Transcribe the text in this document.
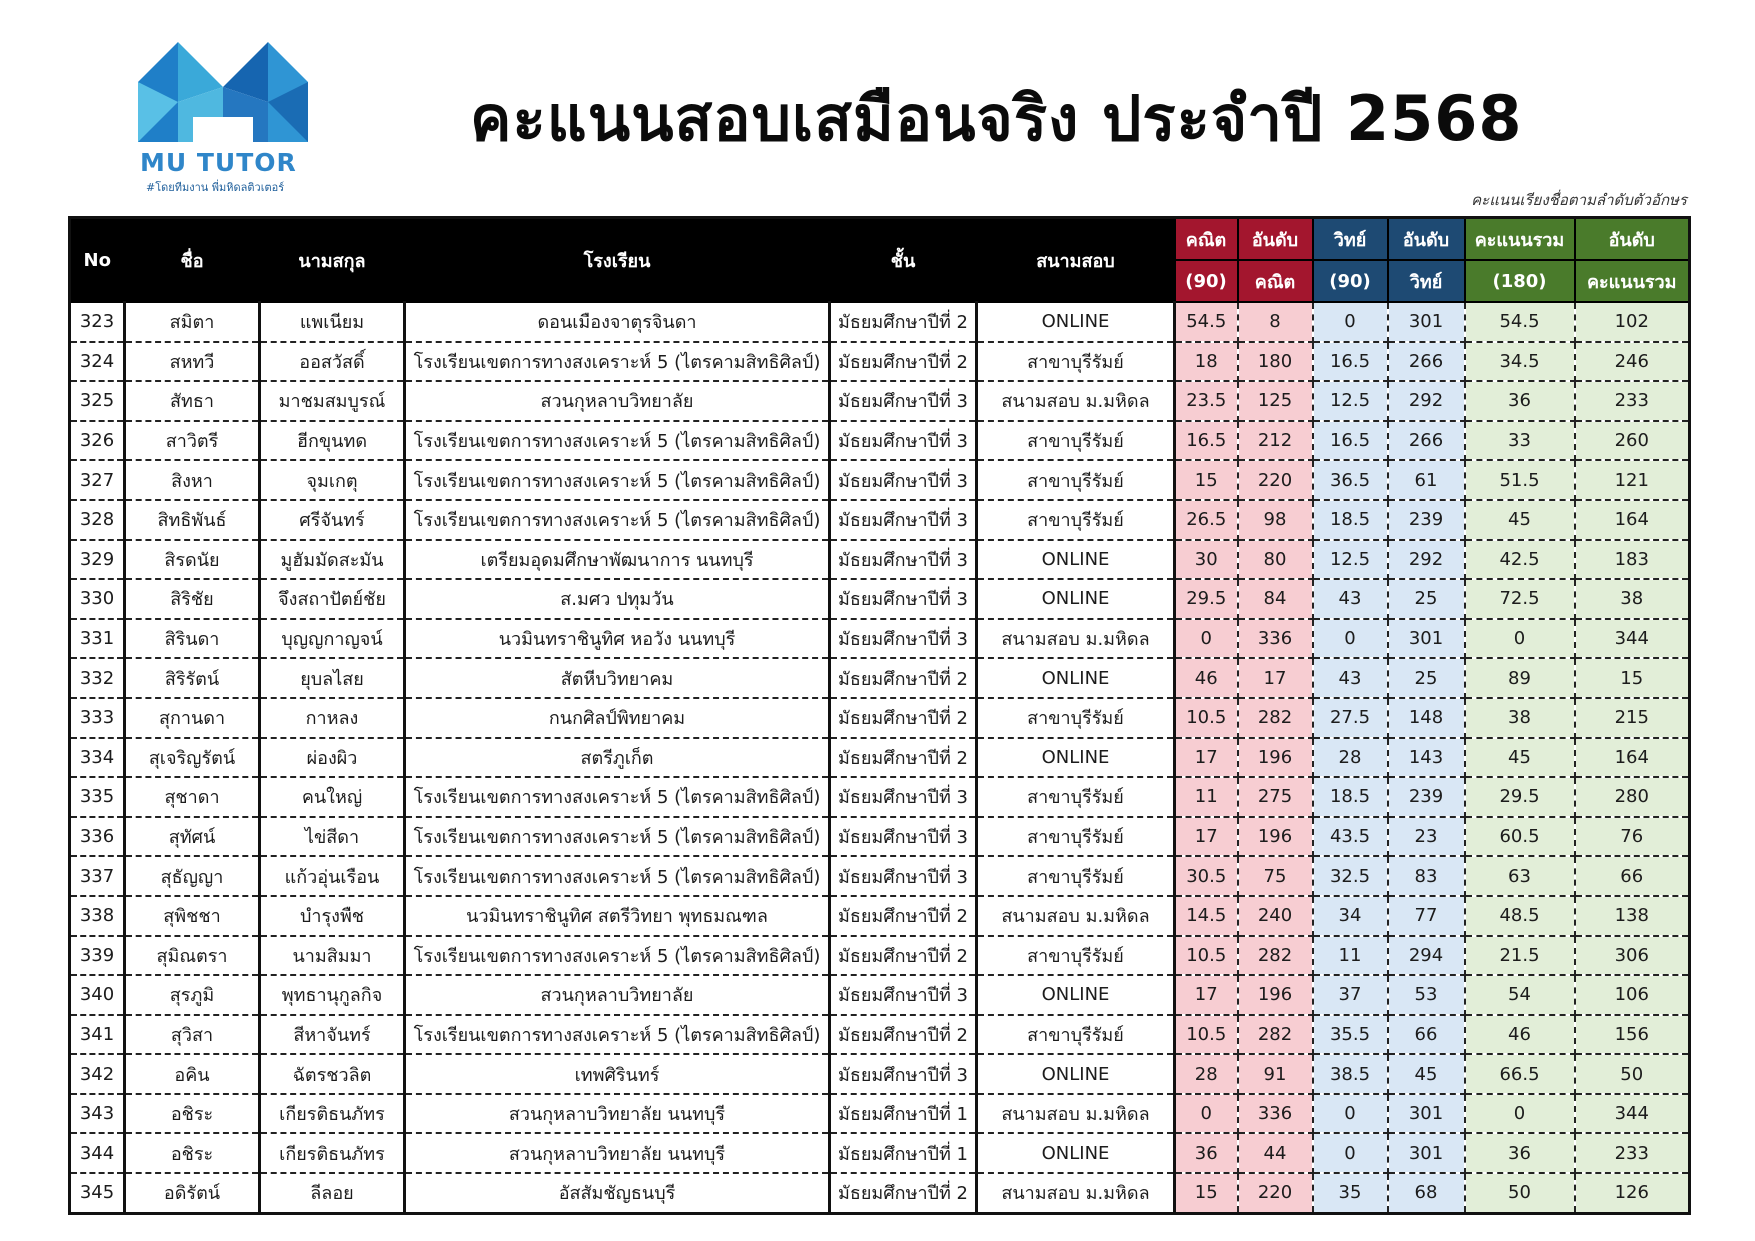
MU TUTOR
#โดยทีมงาน พี่มหิดลติวเตอร์
คะแนนสอบเสมือนจริง ประจำปี 2568
คะแนนเรียงชื่อตามลำดับตัวอักษร
No	ชื่อ	นามสกุล	โรงเรียน	ชั้น	สนามสอบ	คณิต	อันดับ	วิทย์	อันดับ	คะแนนรวม	อันดับ
						(90)	คณิต	(90)	วิทย์	(180)	คะแนนรวม
323	สมิตา	แพเนียม	ดอนเมืองจาตุรจินดา	มัธยมศึกษาปีที่ 2	ONLINE	54.5	8	0	301	54.5	102
324	สหทวี	ออสวัสดิ์	โรงเรียนเขตการทางสงเคราะห์ 5 (ไตรคามสิทธิศิลป์)	มัธยมศึกษาปีที่ 2	สาขาบุรีรัมย์	18	180	16.5	266	34.5	246
325	สัทธา	มาชมสมบูรณ์	สวนกุหลาบวิทยาลัย	มัธยมศึกษาปีที่ 3	สนามสอบ ม.มหิดล	23.5	125	12.5	292	36	233
326	สาวิตรี	ฮีกขุนทด	โรงเรียนเขตการทางสงเคราะห์ 5 (ไตรคามสิทธิศิลป์)	มัธยมศึกษาปีที่ 3	สาขาบุรีรัมย์	16.5	212	16.5	266	33	260
327	สิงหา	จุมเกตุ	โรงเรียนเขตการทางสงเคราะห์ 5 (ไตรคามสิทธิศิลป์)	มัธยมศึกษาปีที่ 3	สาขาบุรีรัมย์	15	220	36.5	61	51.5	121
328	สิทธิพันธ์	ศรีจันทร์	โรงเรียนเขตการทางสงเคราะห์ 5 (ไตรคามสิทธิศิลป์)	มัธยมศึกษาปีที่ 3	สาขาบุรีรัมย์	26.5	98	18.5	239	45	164
329	สิรดนัย	มูฮัมมัดสะมัน	เตรียมอุดมศึกษาพัฒนาการ นนทบุรี	มัธยมศึกษาปีที่ 3	ONLINE	30	80	12.5	292	42.5	183
330	สิริชัย	จึงสถาปัตย์ชัย	ส.มศว ปทุมวัน	มัธยมศึกษาปีที่ 3	ONLINE	29.5	84	43	25	72.5	38
331	สิรินดา	บุญญกาญจน์	นวมินทราชินูทิศ หอวัง นนทบุรี	มัธยมศึกษาปีที่ 3	สนามสอบ ม.มหิดล	0	336	0	301	0	344
332	สิริรัตน์	ยุบลไสย	สัตหีบวิทยาคม	มัธยมศึกษาปีที่ 2	ONLINE	46	17	43	25	89	15
333	สุกานดา	กาหลง	กนกศิลป์พิทยาคม	มัธยมศึกษาปีที่ 2	สาขาบุรีรัมย์	10.5	282	27.5	148	38	215
334	สุเจริญรัตน์	ผ่องผิว	สตรีภูเก็ต	มัธยมศึกษาปีที่ 2	ONLINE	17	196	28	143	45	164
335	สุชาดา	คนใหญ่	โรงเรียนเขตการทางสงเคราะห์ 5 (ไตรคามสิทธิศิลป์)	มัธยมศึกษาปีที่ 3	สาขาบุรีรัมย์	11	275	18.5	239	29.5	280
336	สุทัศน์	ไข่สีดา	โรงเรียนเขตการทางสงเคราะห์ 5 (ไตรคามสิทธิศิลป์)	มัธยมศึกษาปีที่ 3	สาขาบุรีรัมย์	17	196	43.5	23	60.5	76
337	สุธัญญา	แก้วอุ่นเรือน	โรงเรียนเขตการทางสงเคราะห์ 5 (ไตรคามสิทธิศิลป์)	มัธยมศึกษาปีที่ 3	สาขาบุรีรัมย์	30.5	75	32.5	83	63	66
338	สุพิชชา	บำรุงพืช	นวมินทราชินูทิศ สตรีวิทยา พุทธมณฑล	มัธยมศึกษาปีที่ 2	สนามสอบ ม.มหิดล	14.5	240	34	77	48.5	138
339	สุมิณตรา	นามสิมมา	โรงเรียนเขตการทางสงเคราะห์ 5 (ไตรคามสิทธิศิลป์)	มัธยมศึกษาปีที่ 2	สาขาบุรีรัมย์	10.5	282	11	294	21.5	306
340	สุรภูมิ	พุทธานุกูลกิจ	สวนกุหลาบวิทยาลัย	มัธยมศึกษาปีที่ 3	ONLINE	17	196	37	53	54	106
341	สุวิสา	สีหาจันทร์	โรงเรียนเขตการทางสงเคราะห์ 5 (ไตรคามสิทธิศิลป์)	มัธยมศึกษาปีที่ 2	สาขาบุรีรัมย์	10.5	282	35.5	66	46	156
342	อคิน	ฉัตรชวลิต	เทพศิรินทร์	มัธยมศึกษาปีที่ 3	ONLINE	28	91	38.5	45	66.5	50
343	อชิระ	เกียรติธนภัทร	สวนกุหลาบวิทยาลัย นนทบุรี	มัธยมศึกษาปีที่ 1	สนามสอบ ม.มหิดล	0	336	0	301	0	344
344	อชิระ	เกียรติธนภัทร	สวนกุหลาบวิทยาลัย นนทบุรี	มัธยมศึกษาปีที่ 1	ONLINE	36	44	0	301	36	233
345	อดิรัตน์	ลีลอย	อัสสัมชัญธนบุรี	มัธยมศึกษาปีที่ 2	สนามสอบ ม.มหิดล	15	220	35	68	50	126
